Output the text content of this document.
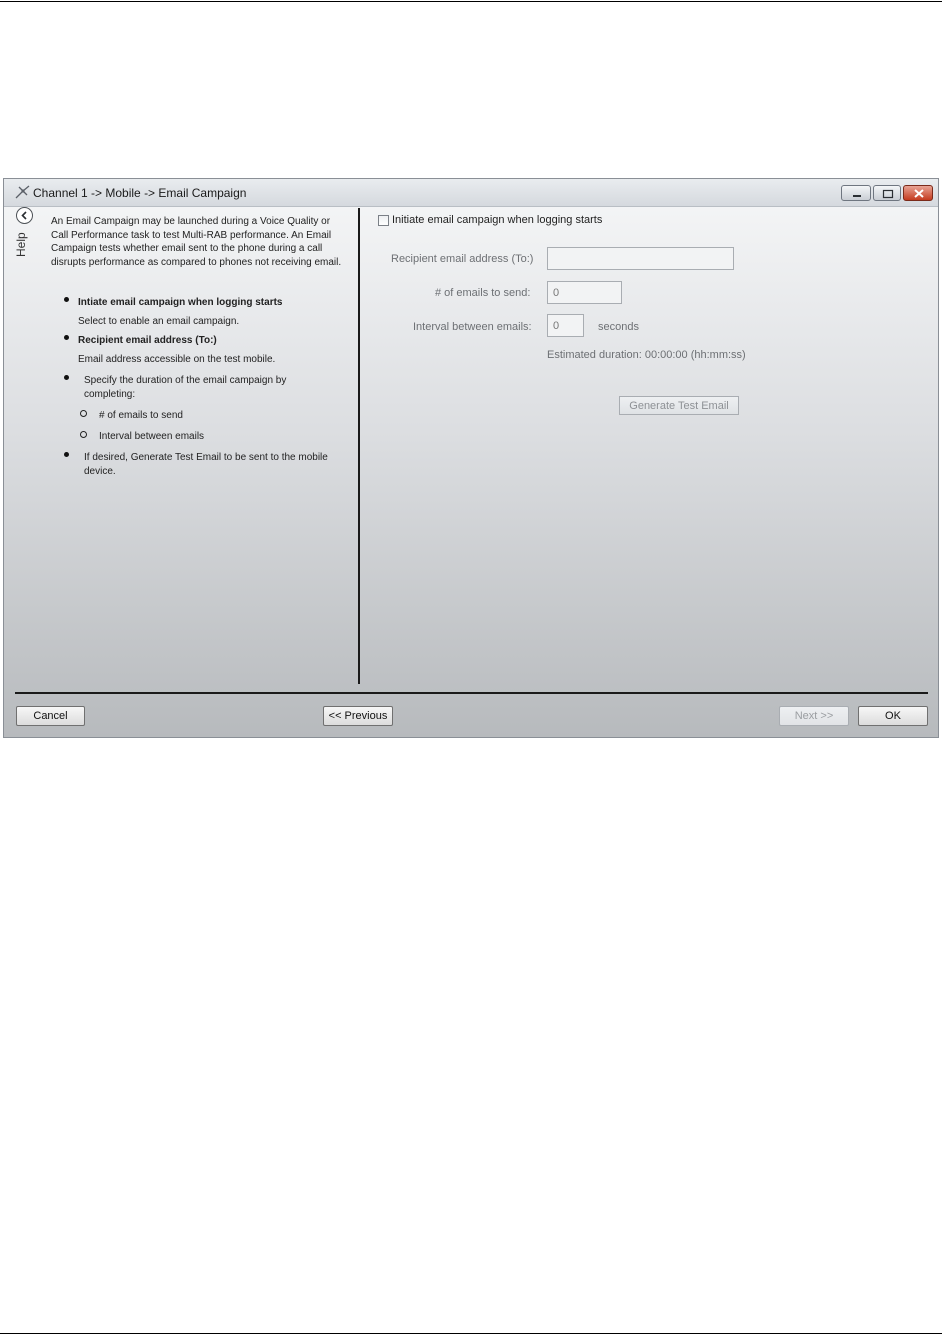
Channel 1 -> Mobile -> Email Campaign
Help
An Email Campaign may be launched during a Voice Quality or Call Performance task to test Multi-RAB performance. An Email Campaign tests whether email sent to the phone during a call disrupts performance as compared to phones not receiving email.
Intiate email campaign when logging starts
Select to enable an email campaign.
Recipient email address (To:)
Email address accessible on the test mobile.
Specify the duration of the email campaign by completing:
# of emails to send
Interval between emails
If desired, Generate Test Email to be sent to the mobile device.
Initiate email campaign when logging starts
Recipient email address (To:)
# of emails to send:
0
Interval between emails:
0	seconds
Estimated duration: 00:00:00 (hh:mm:ss)
Generate Test Email
Cancel	<< Previous	Next >>	OK
